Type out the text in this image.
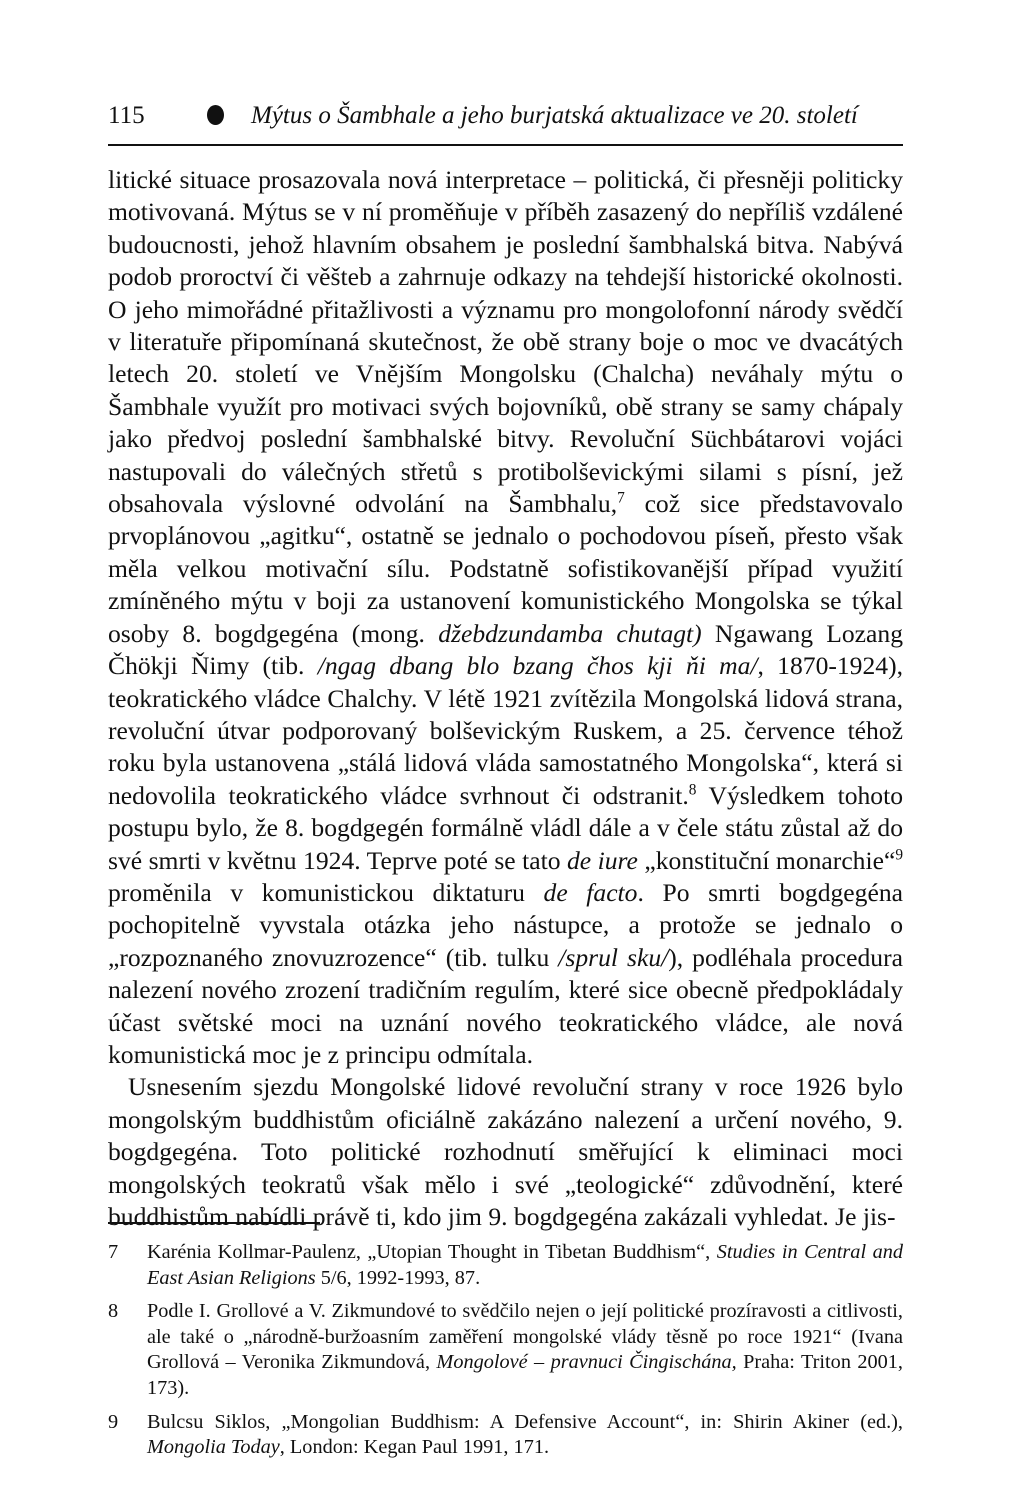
115	Mýtus o Šambhale a jeho burjatská aktualizace ve 20. století

litické situace prosazovala nová interpretace – politická, či přesněji politicky motivovaná. Mýtus se v ní proměňuje v příběh zasazený do nepříliš vzdálené budoucnosti, jehož hlavním obsahem je poslední šambhalská bitva. Nabývá podob proroctví či věšteb a zahrnuje odkazy na tehdejší historické okolnosti. O jeho mimořádné přitažlivosti a významu pro mongolofonní národy svědčí v literatuře připomínaná skutečnost, že obě strany boje o moc ve dvacátých letech 20. století ve Vnějším Mongolsku (Chalcha) neváhaly mýtu o Šambhale využít pro motivaci svých bojovníků, obě strany se samy chápaly jako předvoj poslední šambhalské bitvy. Revoluční Süchbátarovi vojáci nastupovali do válečných střetů s protibolševickými silami s písní, jež obsahovala výslovné odvolání na Šambhalu,$^7$ což sice představovalo prvoplánovou „agitku“, ostatně se jednalo o pochodovou píseň, přesto však měla velkou motivační sílu. Podstatně sofistikovanější případ využití zmíněného mýtu v boji za ustanovení komunistického Mongolska se týkal osoby 8. bogdgegéna (mong. džebdzundamba chutagt) Ngawang Lozang Čhökji Ňimy (tib. /ngag dbang blo bzang čhos kji ňi ma/, 1870-1924), teokratického vládce Chalchy. V létě 1921 zvítězila Mongolská lidová strana, revoluční útvar podporovaný bolševickým Ruskem, a 25. července téhož roku byla ustanovena „stálá lidová vláda samostatného Mongolska“, která si nedovolila teokratického vládce svrhnout či odstranit.$^8$ Výsledkem tohoto postupu bylo, že 8. bogdgegén formálně vládl dále a v čele státu zůstal až do své smrti v květnu 1924. Teprve poté se tato de iure „konstituční monarchie“$^9$ proměnila v komunistickou diktaturu de facto. Po smrti bogdgegéna pochopitelně vyvstala otázka jeho nástupce, a protože se jednalo o „rozpoznaného znovuzrozence“ (tib. tulku /sprul sku/), podléhala procedura nalezení nového zrození tradičním regulím, které sice obecně předpokládaly účast světské moci na uznání nového teokratického vládce, ale nová komunistická moc je z principu odmítala.

Usnesením sjezdu Mongolské lidové revoluční strany v roce 1926 bylo mongolským buddhistům oficiálně zakázáno nalezení a určení nového, 9. bogdgegéna. Toto politické rozhodnutí směřující k eliminaci moci mongolských teokratů však mělo i své „teologické“ zdůvodnění, které buddhistům nabídli právě ti, kdo jim 9. bogdgegéna zakázali vyhledat. Je jis-

7 Karénia Kollmar-Paulenz, „Utopian Thought in Tibetan Buddhism“, Studies in Central and East Asian Religions 5/6, 1992-1993, 87.
8 Podle I. Grollové a V. Zikmundové to svědčilo nejen o její politické prozíravosti a citlivosti, ale také o „národně-buržoasním zaměření mongolské vlády těsně po roce 1921“ (Ivana Grollová – Veronika Zikmundová, Mongolové – pravnuci Čingischána, Praha: Triton 2001, 173).
9 Bulcsu Siklos, „Mongolian Buddhism: A Defensive Account“, in: Shirin Akiner (ed.), Mongolia Today, London: Kegan Paul 1991, 171.
